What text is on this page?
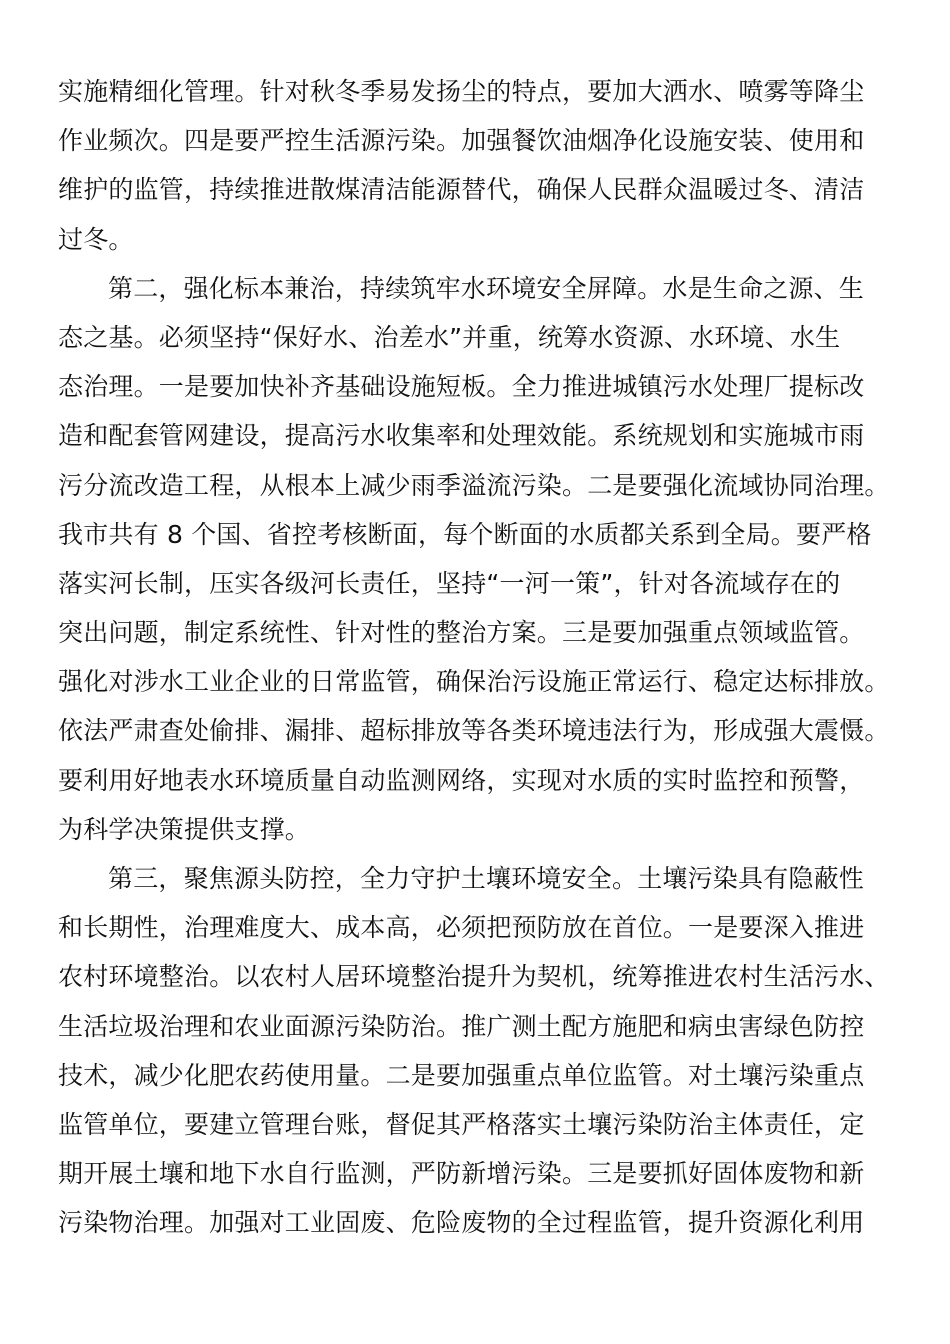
实施精细化管理。针对秋冬季易发扬尘的特点，要加大洒水、喷雾等降尘
作业频次。四是要严控生活源污染。加强餐饮油烟净化设施安装、使用和
维护的监管，持续推进散煤清洁能源替代，确保人民群众温暖过冬、清洁
过冬。
第二，强化标本兼治，持续筑牢水环境安全屏障。水是生命之源、生
态之基。必须坚持“保好水、治差水”并重，统筹水资源、水环境、水生
态治理。一是要加快补齐基础设施短板。全力推进城镇污水处理厂提标改
造和配套管网建设，提高污水收集率和处理效能。系统规划和实施城市雨
污分流改造工程，从根本上减少雨季溢流污染。二是要强化流域协同治理。
我市共有 8 个国、省控考核断面，每个断面的水质都关系到全局。要严格
落实河长制，压实各级河长责任，坚持“一河一策”，针对各流域存在的
突出问题，制定系统性、针对性的整治方案。三是要加强重点领域监管。
强化对涉水工业企业的日常监管，确保治污设施正常运行、稳定达标排放。
依法严肃查处偷排、漏排、超标排放等各类环境违法行为，形成强大震慑。
要利用好地表水环境质量自动监测网络，实现对水质的实时监控和预警，
为科学决策提供支撑。
第三，聚焦源头防控，全力守护土壤环境安全。土壤污染具有隐蔽性
和长期性，治理难度大、成本高，必须把预防放在首位。一是要深入推进
农村环境整治。以农村人居环境整治提升为契机，统筹推进农村生活污水、
生活垃圾治理和农业面源污染防治。推广测土配方施肥和病虫害绿色防控
技术，减少化肥农药使用量。二是要加强重点单位监管。对土壤污染重点
监管单位，要建立管理台账，督促其严格落实土壤污染防治主体责任，定
期开展土壤和地下水自行监测，严防新增污染。三是要抓好固体废物和新
污染物治理。加强对工业固废、危险废物的全过程监管，提升资源化利用
